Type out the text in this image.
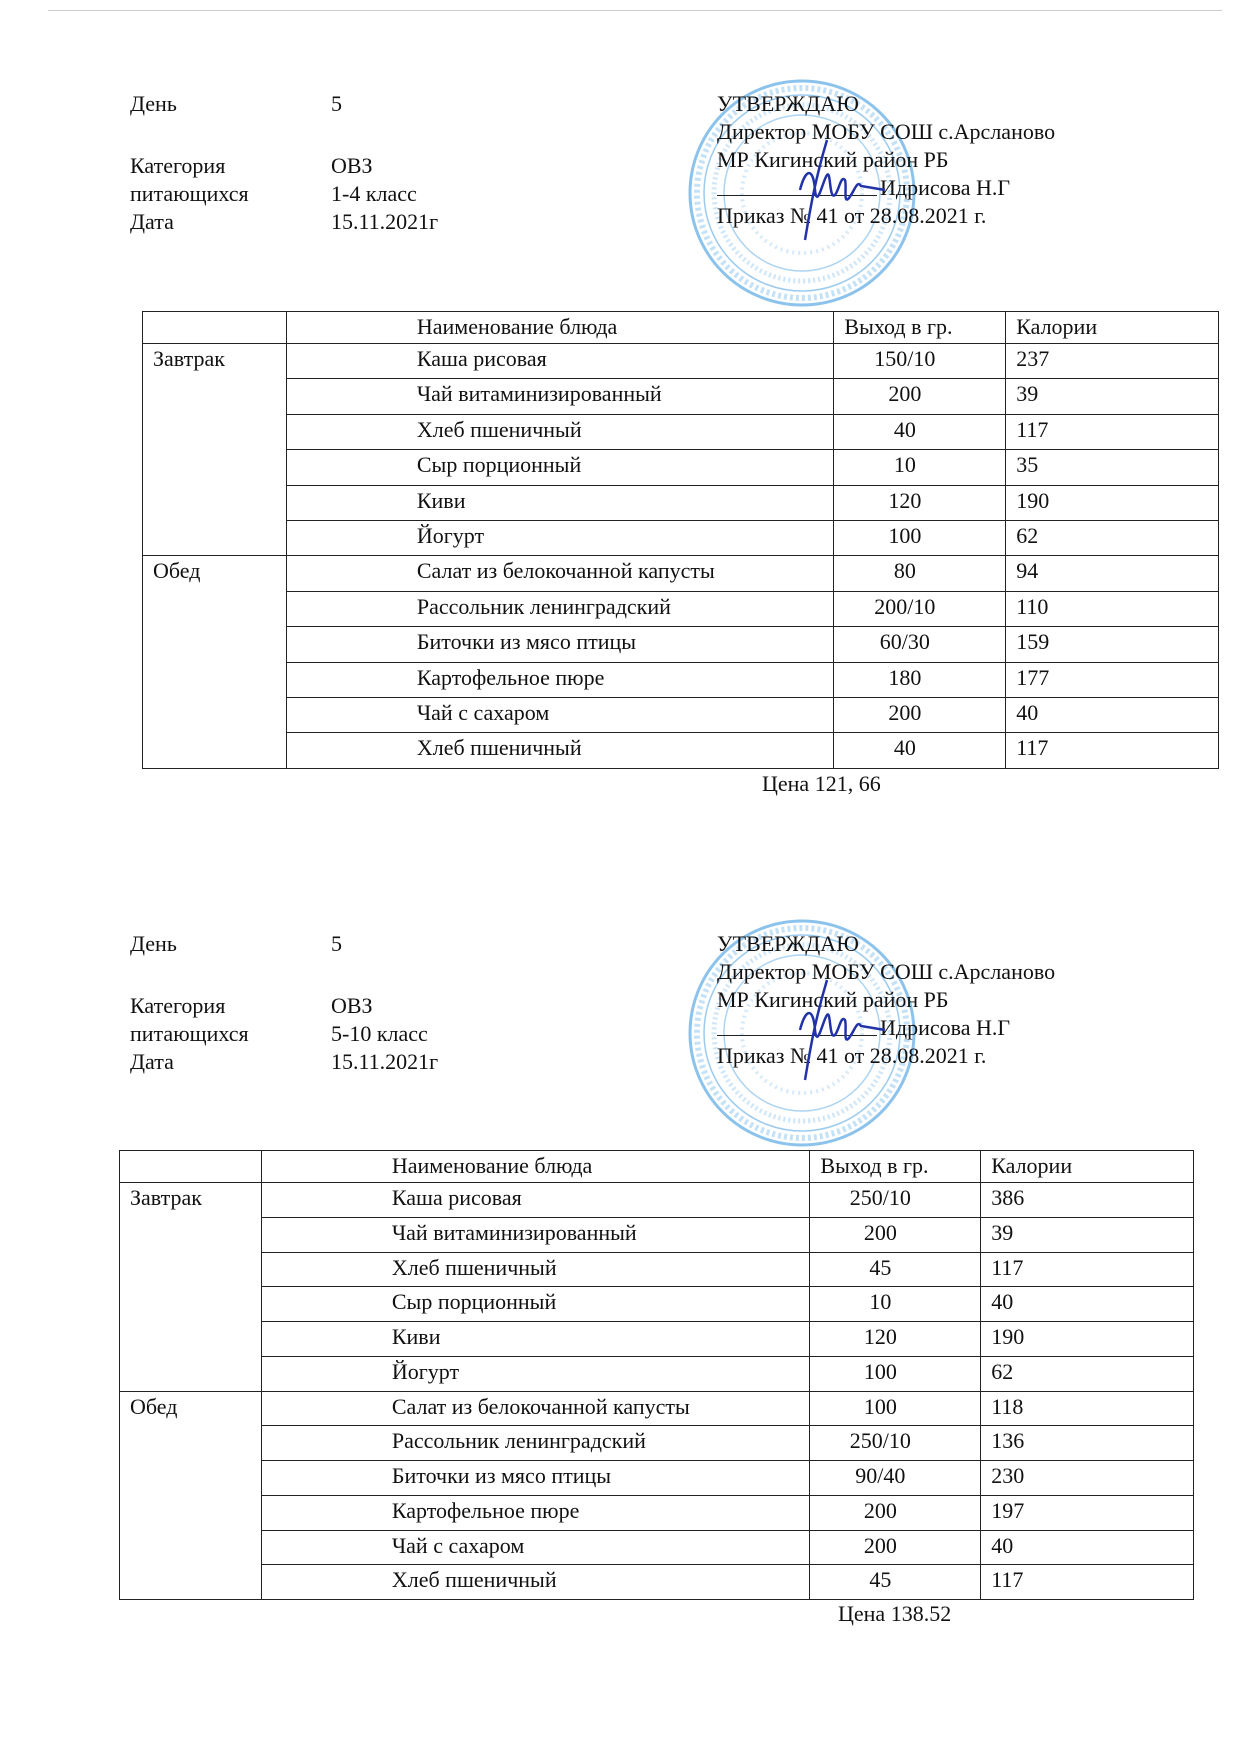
День	5
Категория	ОВЗ
питающихся	1-4 класс
Дата	15.11.2021г
УТВЕРЖДАЮ
Директор МОБУ СОШ с.Арсланово
МР Кигинский район РБ
Идрисова Н.Г
Приказ № 41 от 28.08.2021 г.
	Наименование блюда	Выход в гр.	Калории
Завтрак	Каша рисовая	150/10	237
	Чай витаминизированный	200	39
	Хлеб пшеничный	40	117
	Сыр порционный	10	35
	Киви	120	190
	Йогурт	100	62
Обед	Салат из белокочанной капусты	80	94
	Рассольник ленинградский	200/10	110
	Биточки из мясо птицы	60/30	159
	Картофельное пюре	180	177
	Чай с сахаром	200	40
	Хлеб пшеничный	40	117
Цена 121, 66
День	5
Категория	ОВЗ
питающихся	5-10 класс
Дата	15.11.2021г
УТВЕРЖДАЮ
Директор МОБУ СОШ с.Арсланово
МР Кигинский район РБ
Идрисова Н.Г
Приказ № 41 от 28.08.2021 г.
	Наименование блюда	Выход в гр.	Калории
Завтрак	Каша рисовая	250/10	386
	Чай витаминизированный	200	39
	Хлеб пшеничный	45	117
	Сыр порционный	10	40
	Киви	120	190
	Йогурт	100	62
Обед	Салат из белокочанной капусты	100	118
	Рассольник ленинградский	250/10	136
	Биточки из мясо птицы	90/40	230
	Картофельное пюре	200	197
	Чай с сахаром	200	40
	Хлеб пшеничный	45	117
Цена 138.52
